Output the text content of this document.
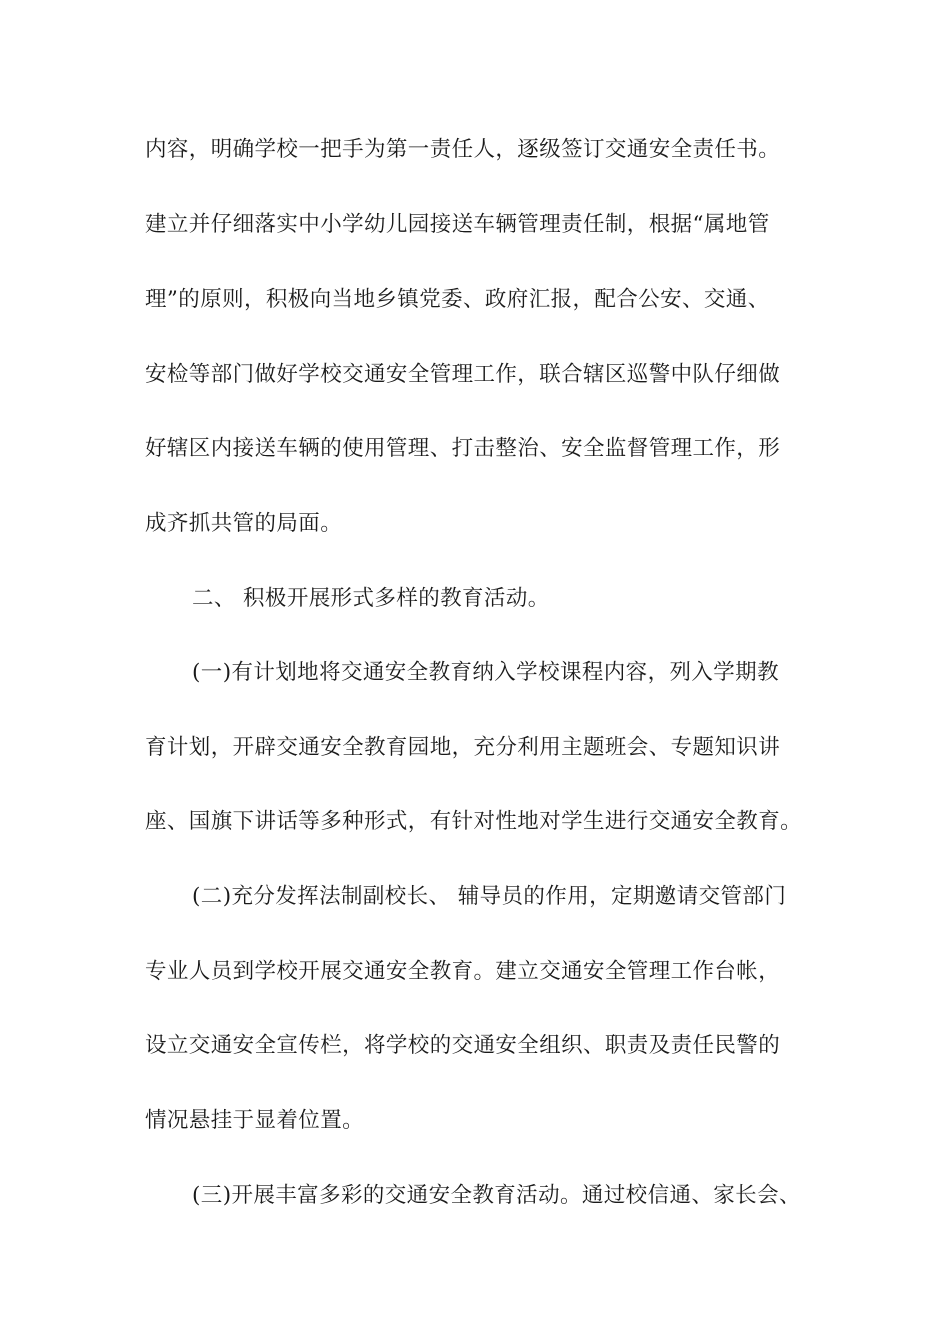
内容，明确学校一把手为第一责任人，逐级签订交通安全责任书。
建立并仔细落实中小学幼儿园接送车辆管理责任制，根据“属地管
理”的原则，积极向当地乡镇党委、政府汇报，配合公安、交通、
安检等部门做好学校交通安全管理工作，联合辖区巡警中队仔细做
好辖区内接送车辆的使用管理、打击整治、安全监督管理工作，形
成齐抓共管的局面。
二、 积极开展形式多样的教育活动。
(一)有计划地将交通安全教育纳入学校课程内容，列入学期教
育计划，开辟交通安全教育园地，充分利用主题班会、专题知识讲
座、国旗下讲话等多种形式，有针对性地对学生进行交通安全教育。
(二)充分发挥法制副校长、 辅导员的作用，定期邀请交管部门
专业人员到学校开展交通安全教育。建立交通安全管理工作台帐，
设立交通安全宣传栏，将学校的交通安全组织、职责及责任民警的
情况悬挂于显着位置。
(三)开展丰富多彩的交通安全教育活动。通过校信通、家长会、
